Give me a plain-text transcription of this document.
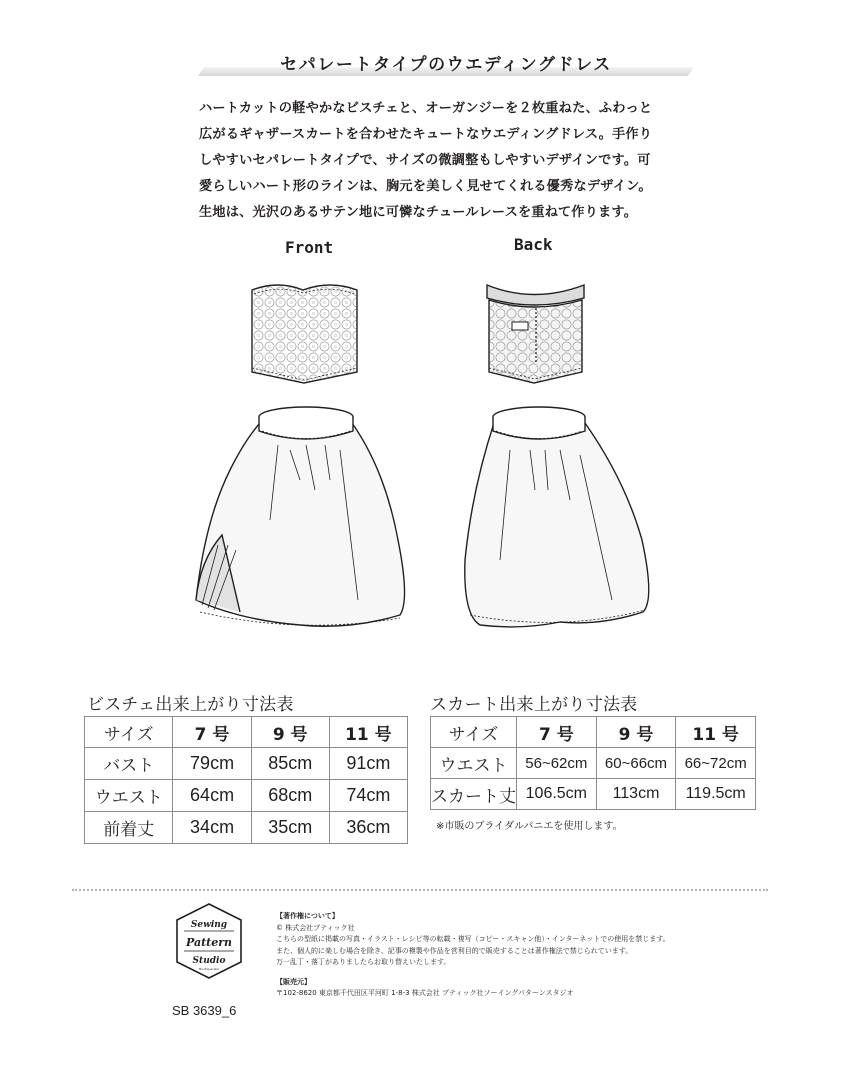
セパレートタイプのウエディングドレス
ハートカットの軽やかなビスチェと、オーガンジーを２枚重ねた、ふわっと
広がるギャザースカートを合わせたキュートなウエディングドレス。手作り
しやすいセパレートタイプで、サイズの微調整もしやすいデザインです。可
愛らしいハート形のラインは、胸元を美しく見せてくれる優秀なデザイン。
生地は、光沢のあるサテン地に可憐なチュールレースを重ねて作ります。
Front	Back
ビスチェ出来上がり寸法表
サイズ	7 号	9 号	11 号
バスト	79cm	85cm	91cm
ウエスト	64cm	68cm	74cm
前着丈	34cm	35cm	36cm
スカート出来上がり寸法表
サイズ	7 号	9 号	11 号
ウエスト	56~62cm	60~66cm	66~72cm
スカート丈	106.5cm	113cm	119.5cm
※市販のブライダルパニエを使用します。
Sewing
Pattern
Studio
Boutique-sha
SB 3639_6
【著作権について】
© 株式会社ブティック社
こちらの型紙に掲載の写真・イラスト・レシピ等の転載・複写（コピー・スキャン他）・インターネットでの使用を禁じます。
また、個人的に楽しむ場合を除き、記事の模製や作品を営利目的で販売することは著作権法で禁じられています。
万一乱丁・落丁がありましたらお取り替えいたします。
【販売元】
〒102-8620 東京都千代田区平河町 1-8-3 株式会社 ブティック社ソーイングパターンスタジオ
